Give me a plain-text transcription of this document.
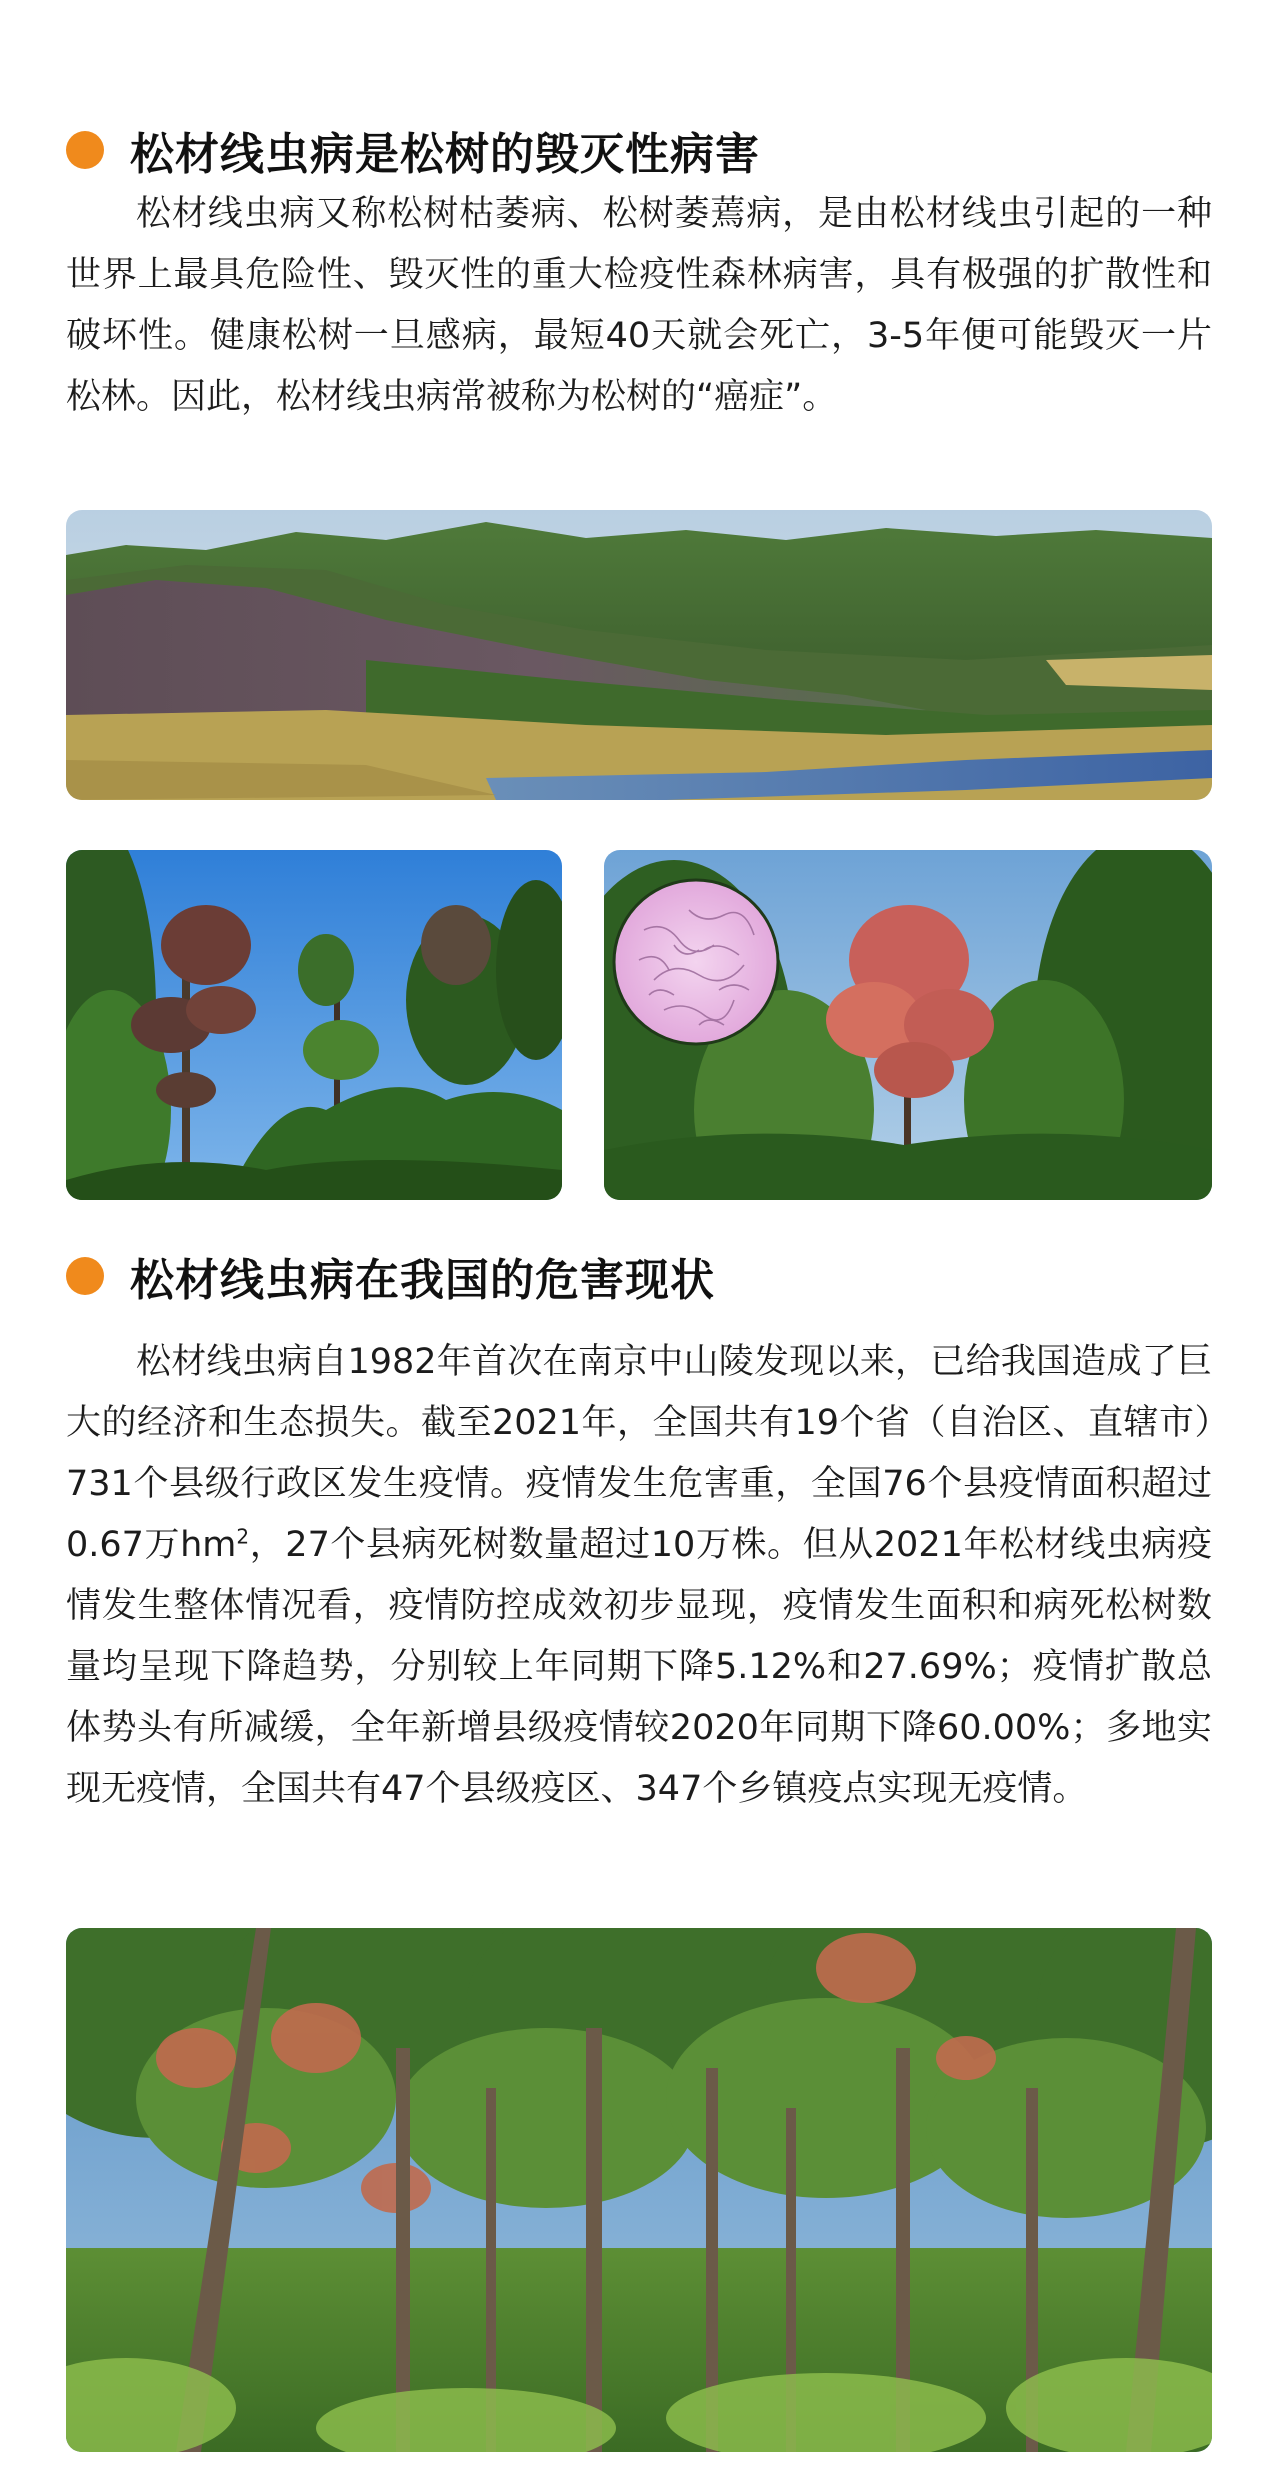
松材线虫病是松树的毁灭性病害

松材线虫病又称松树枯萎病、松树萎蔫病，是由松材线虫引起的一种世界上最具危险性、毁灭性的重大检疫性森林病害，具有极强的扩散性和破坏性。健康松树一旦感病，最短40天就会死亡，3-5年便可能毁灭一片松林。因此，松材线虫病常被称为松树的“癌症”。

松材线虫病在我国的危害现状

松材线虫病自1982年首次在南京中山陵发现以来，已给我国造成了巨大的经济和生态损失。截至2021年，全国共有19个省（自治区、直辖市）731个县级行政区发生疫情。疫情发生危害重，全国76个县疫情面积超过0.67万$hm^2$，27个县病死树数量超过10万株。但从2021年松材线虫病疫情发生整体情况看，疫情防控成效初步显现，疫情发生面积和病死松树数量均呈现下降趋势，分别较上年同期下降5.12%和27.69%；疫情扩散总体势头有所减缓，全年新增县级疫情较2020年同期下降60.00%；多地实现无疫情，全国共有47个县级疫区、347个乡镇疫点实现无疫情。
